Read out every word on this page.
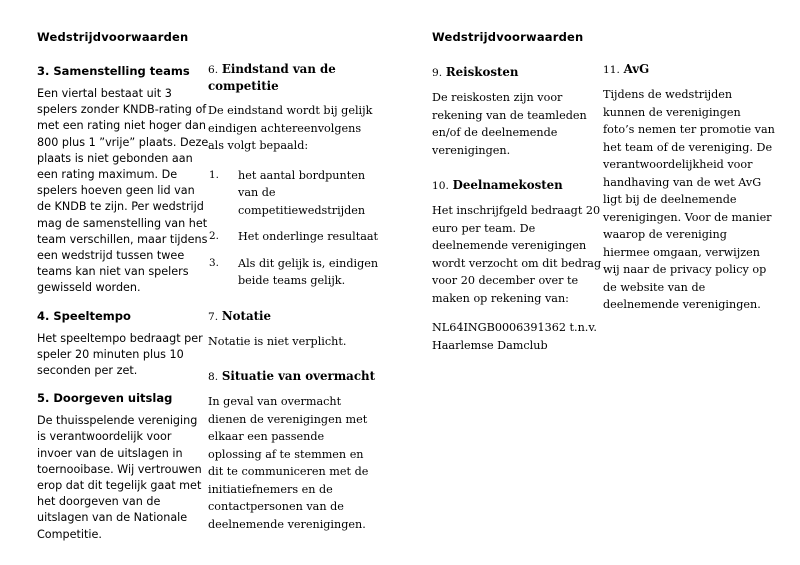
Wedstrijdvoorwaarden
3. Samenstelling teams

Een viertal bestaat uit 3 spelers zonder KNDB-rating of met een rating niet hoger dan 800 plus 1 ”vrije” plaats. Deze plaats is niet gebonden aan een rating maximum. De spelers hoeven geen lid van de KNDB te zijn. Per wedstrijd mag de samenstelling van het team verschillen, maar tijdens een wedstrijd tussen twee teams kan niet van spelers gewisseld worden.

4. Speeltempo

Het speeltempo bedraagt per speler 20 minuten plus 10 seconden per zet.

5. Doorgeven uitslag

De thuisspelende vereniging is verantwoordelijk voor invoer van de uitslagen in toernooibase. Wij vertrouwen erop dat dit tegelijk gaat met het doorgeven van de uitslagen van de Nationale Competitie.

6. Eindstand van de competitie

De eindstand wordt bij gelijk eindigen achtereenvolgens als volgt bepaald:

1. het aantal bordpunten van de competitiewedstrijden
2. Het onderlinge resultaat
3. Als dit gelijk is, eindigen beide teams gelijk.
7. Notatie

Notatie is niet verplicht.

8. Situatie van overmacht

In geval van overmacht dienen de verenigingen met elkaar een passende oplossing af te stemmen en dit te communiceren met de initiatiefnemers en de contactpersonen van de deelnemende verenigingen.

Wedstrijdvoorwaarden
9. Reiskosten

De reiskosten zijn voor rekening van de teamleden en/of de deelnemende verenigingen.

10. Deelnamekosten

Het inschrijfgeld bedraagt 20 euro per team. De deelnemende verenigingen wordt verzocht om dit bedrag voor 20 december over te maken op rekening van:

NL64INGB0006391362 t.n.v. Haarlemse Damclub

11. AvG

Tijdens de wedstrijden kunnen de verenigingen foto’s nemen ter promotie van het team of de vereniging. De verantwoordelijkheid voor handhaving van de wet AvG ligt bij de deelnemende verenigingen. Voor de manier waarop de vereniging hiermee omgaan, verwijzen wij naar de privacy policy op de website van de deelnemende verenigingen.
